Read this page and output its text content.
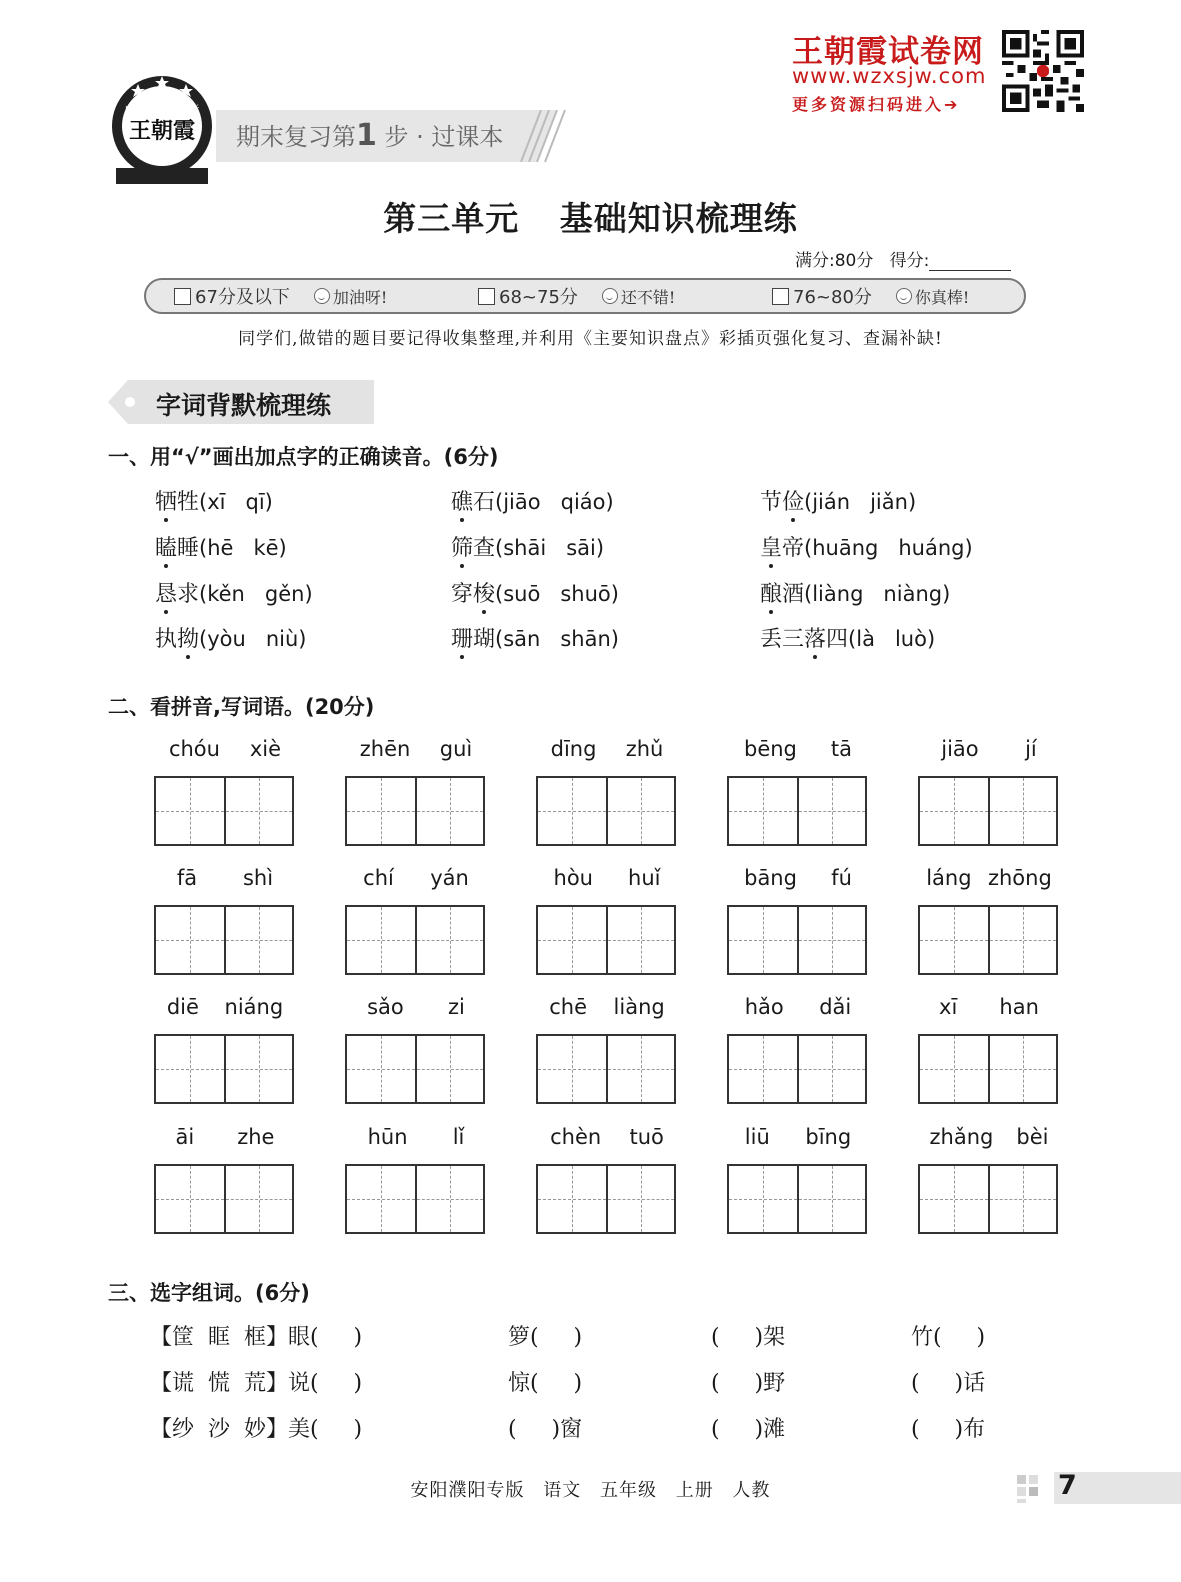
王朝霞
成长路上 霞光满天
期末复习第1 步 · 过课本
王朝霞试卷网
www.wzxsjw.com
更多资源扫码进入➔
第三单元 基础知识梳理练
满分:80分 得分:
67分及以下	加油呀!	68~75分	还不错!	76~80分	你真棒!
同学们,做错的题目要记得收集整理,并利用《主要知识盘点》彩插页强化复习、查漏补缺!
字词背默梳理练
一、用“√”画出加点字的正确读音。(6分)
牺牲(xī   qī)	礁石(jiāo   qiáo)	节俭(jián   jiǎn)
瞌睡(hē   kē)	筛查(shāi   sāi)	皇帝(huāng   huáng)
恳求(kěn   gěn)	穿梭(suō   shuō)	酿酒(liàng   niàng)
执拗(yòu   niù)	珊瑚(sān   shān)	丢三落四(là   luò)
二、看拼音,写词语。(20分)
chóu xiè	zhēn guì	dīng zhǔ	bēng tā	jiāo jí
fā shì	chí yán	hòu huǐ	bāng fú	láng zhōng
diē niáng	sǎo zi	chē liàng	hǎo dǎi	xī han
āi zhe	hūn lǐ	chèn tuō	liū bīng	zhǎng bèi
三、选字组词。(6分)
【筐  眶  框】眼(     )	箩(     )	(     )架	竹(     )
【谎  慌  荒】说(     )	惊(     )	(     )野	(     )话
【纱  沙  妙】美(     )	(     )窗	(     )滩	(     )布
安阳濮阳专版 语文 五年级 上册 人教	7
